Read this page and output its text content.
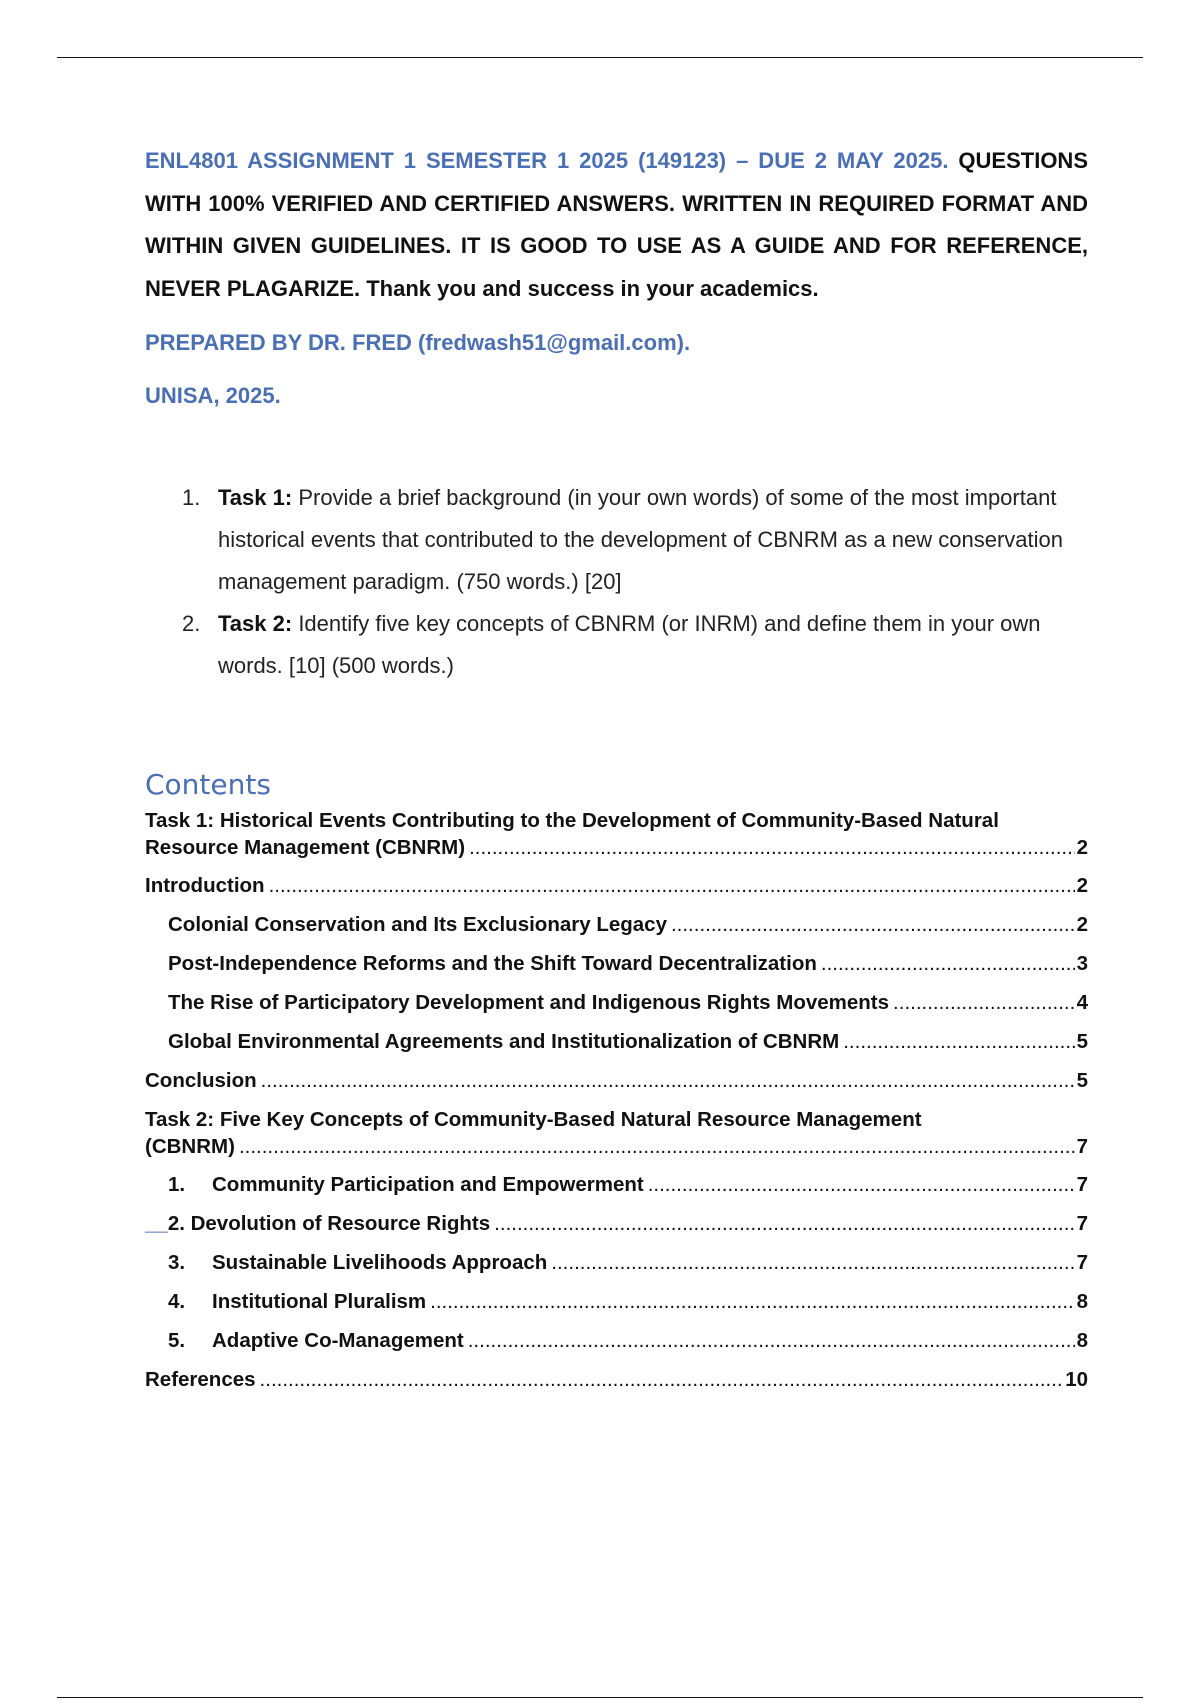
ENL4801 ASSIGNMENT 1 SEMESTER 1 2025 (149123) – DUE 2 MAY 2025. QUESTIONS WITH 100% VERIFIED AND CERTIFIED ANSWERS. WRITTEN IN REQUIRED FORMAT AND WITHIN GIVEN GUIDELINES. IT IS GOOD TO USE AS A GUIDE AND FOR REFERENCE, NEVER PLAGARIZE. Thank you and success in your academics.

PREPARED BY DR. FRED (fredwash51@gmail.com).
UNISA, 2025.
1. Task 1: Provide a brief background (in your own words) of some of the most important historical events that contributed to the development of CBNRM as a new conservation management paradigm. (750 words.) [20]
2. Task 2: Identify five key concepts of CBNRM (or INRM) and define them in your own words. [10] (500 words.)
Contents
Task 1: Historical Events Contributing to the Development of Community-Based Natural
Resource Management (CBNRM) .....	2
Introduction .....	2
Colonial Conservation and Its Exclusionary Legacy .....	2
Post-Independence Reforms and the Shift Toward Decentralization .....	3
The Rise of Participatory Development and Indigenous Rights Movements .....	4
Global Environmental Agreements and Institutionalization of CBNRM .....	5
Conclusion .....	5
Task 2: Five Key Concepts of Community-Based Natural Resource Management
(CBNRM) .....	7
1. Community Participation and Empowerment .....	7
__2. Devolution of Resource Rights .....	7
3. Sustainable Livelihoods Approach .....	7
4. Institutional Pluralism .....	8
5. Adaptive Co-Management .....	8
References .....	10
